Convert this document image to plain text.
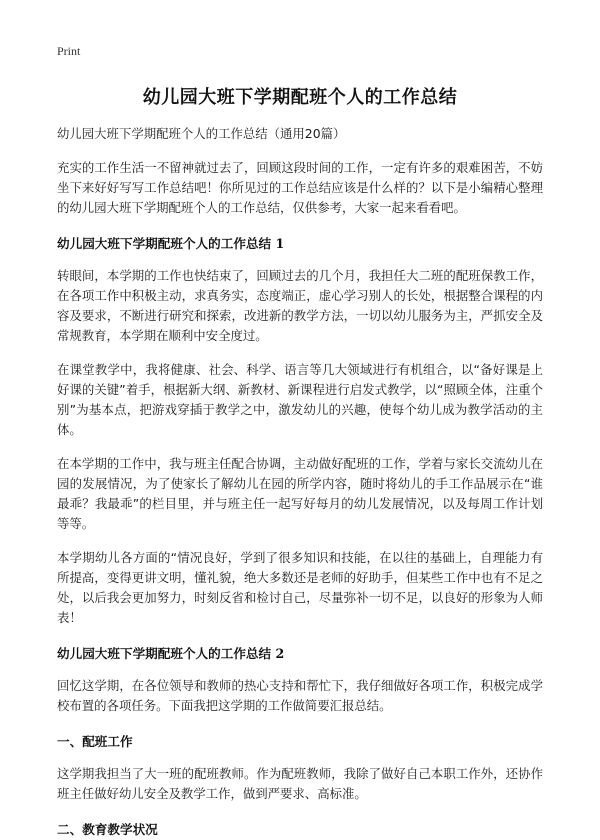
Print
幼儿园大班下学期配班个人的工作总结
幼儿园大班下学期配班个人的工作总结（通用20篇）

充实的工作生活一不留神就过去了，回顾这段时间的工作，一定有许多的艰难困苦，不妨坐下来好好写写工作总结吧！你所见过的工作总结应该是什么样的？以下是小编精心整理的幼儿园大班下学期配班个人的工作总结，仅供参考，大家一起来看看吧。

幼儿园大班下学期配班个人的工作总结 1

转眼间，本学期的工作也快结束了，回顾过去的几个月，我担任大二班的配班保教工作，在各项工作中积极主动，求真务实，态度端正，虚心学习别人的长处，根据整合课程的内容及要求，不断进行研究和探索，改进新的教学方法，一切以幼儿服务为主，严抓安全及常规教育，本学期在顺利中安全度过。

在课堂教学中，我将健康、社会、科学、语言等几大领域进行有机组合，以“备好课是上好课的关键”着手，根据新大纲、新教材、新课程进行启发式教学，以“照顾全体，注重个别”为基本点，把游戏穿插于教学之中，激发幼儿的兴趣，使每个幼儿成为教学活动的主体。

在本学期的工作中，我与班主任配合协调，主动做好配班的工作，学着与家长交流幼儿在园的发展情况，为了使家长了解幼儿在园的所学内容，随时将幼儿的手工作品展示在“谁最乖？我最乖”的栏目里，并与班主任一起写好每月的幼儿发展情况，以及每周工作计划等等。

本学期幼儿各方面的“情况良好，学到了很多知识和技能，在以往的基础上，自理能力有所提高，变得更讲文明，懂礼貌，绝大多数还是老师的好助手，但某些工作中也有不足之处，以后我会更加努力，时刻反省和检讨自己，尽量弥补一切不足，以良好的形象为人师表！

幼儿园大班下学期配班个人的工作总结 2

回忆这学期，在各位领导和教师的热心支持和帮忙下，我仔细做好各项工作，积极完成学校布置的各项任务。下面我把这学期的工作做简要汇报总结。

一、配班工作

这学期我担当了大一班的配班教师。作为配班教师，我除了做好自己本职工作外，还协作班主任做好幼儿安全及教学工作，做到严要求、高标准。

二、教育教学状况
